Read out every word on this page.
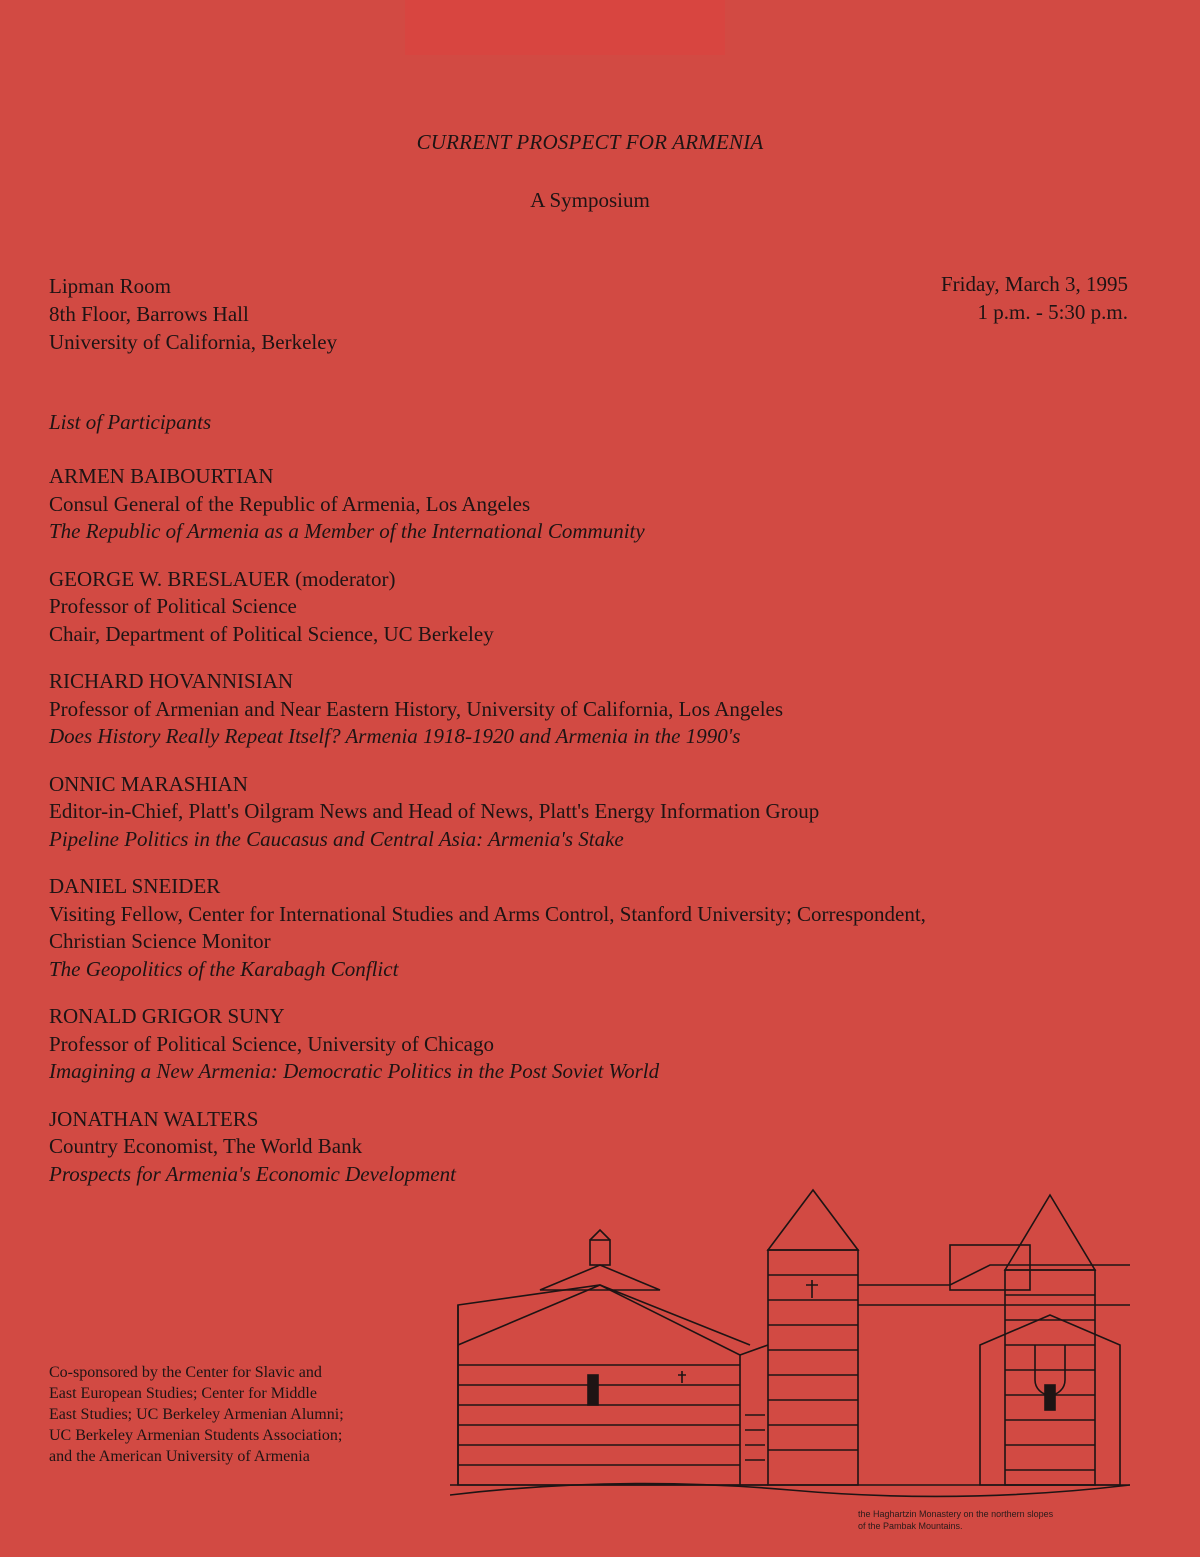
CURRENT PROSPECT FOR ARMENIA
A Symposium
Lipman Room
8th Floor, Barrows Hall
University of California, Berkeley
Friday, March 3, 1995
1 p.m. - 5:30 p.m.
List of Participants
ARMEN BAIBOURTIAN
Consul General of the Republic of Armenia, Los Angeles
The Republic of Armenia as a Member of the International Community
GEORGE W. BRESLAUER (moderator)
Professor of Political Science
Chair, Department of Political Science, UC Berkeley
RICHARD HOVANNISIAN
Professor of Armenian and Near Eastern History, University of California, Los Angeles
Does History Really Repeat Itself? Armenia 1918-1920 and Armenia in the 1990's
ONNIC MARASHIAN
Editor-in-Chief, Platt's Oilgram News and Head of News, Platt's Energy Information Group
Pipeline Politics in the Caucasus and Central Asia: Armenia's Stake
DANIEL SNEIDER
Visiting Fellow, Center for International Studies and Arms Control, Stanford University; Correspondent,
Christian Science Monitor
The Geopolitics of the Karabagh Conflict
RONALD GRIGOR SUNY
Professor of Political Science, University of Chicago
Imagining a New Armenia: Democratic Politics in the Post Soviet World
JONATHAN WALTERS
Country Economist, The World Bank
Prospects for Armenia's Economic Development
Co-sponsored by the Center for Slavic and
East European Studies; Center for Middle
East Studies; UC Berkeley Armenian Alumni;
UC Berkeley Armenian Students Association;
and the American University of Armenia
the Haghartzin Monastery on the northern slopes
of the Pambak Mountains.
